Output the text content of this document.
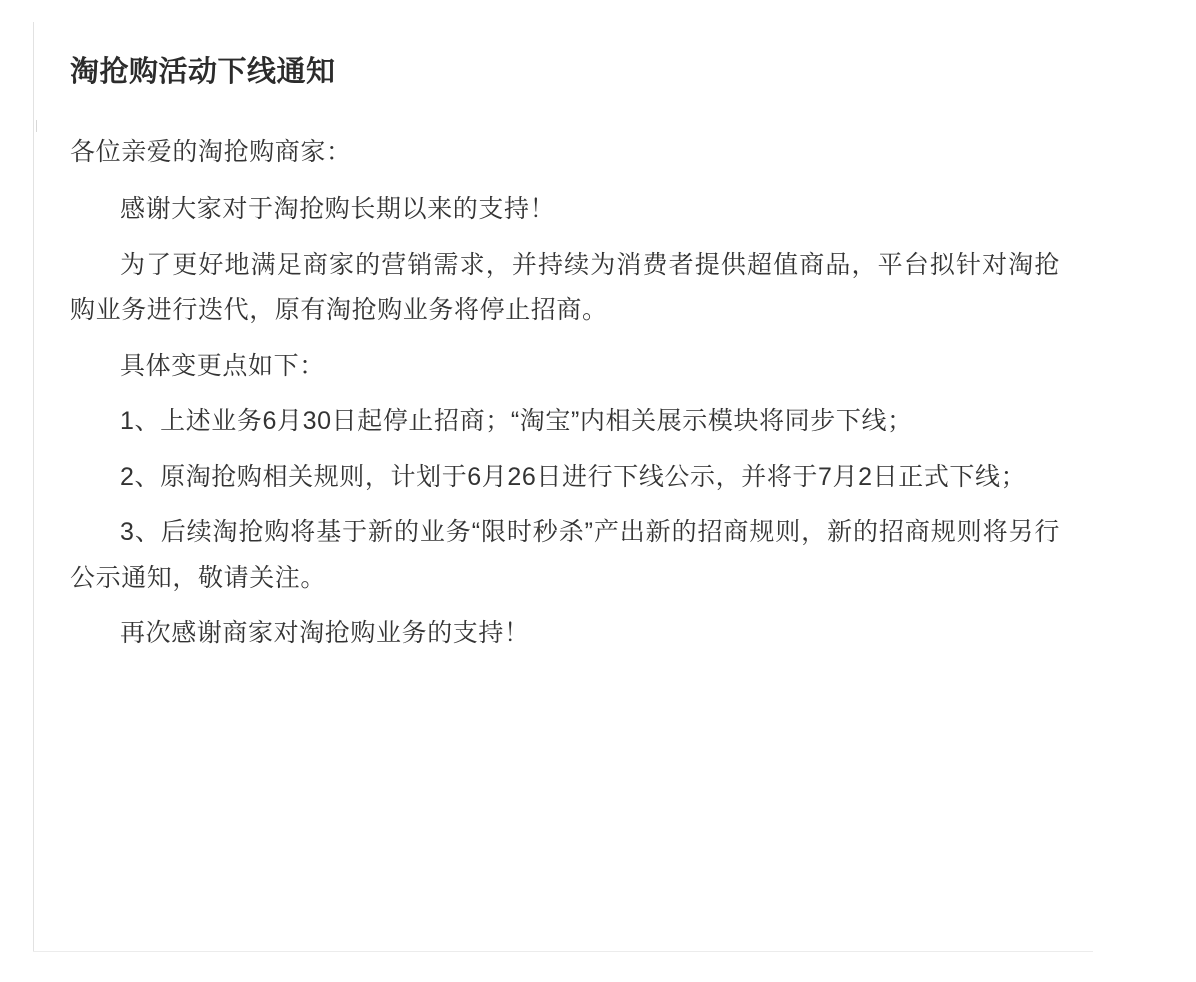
淘抢购活动下线通知

各位亲爱的淘抢购商家：

感谢大家对于淘抢购长期以来的支持！

为了更好地满足商家的营销需求，并持续为消费者提供超值商品，平台拟针对淘抢购业务进行迭代，原有淘抢购业务将停止招商。

具体变更点如下：

1、上述业务6月30日起停止招商；“淘宝”内相关展示模块将同步下线；

2、原淘抢购相关规则，计划于6月26日进行下线公示，并将于7月2日正式下线；

3、后续淘抢购将基于新的业务“限时秒杀”产出新的招商规则，新的招商规则将另行公示通知，敬请关注。

再次感谢商家对淘抢购业务的支持！
